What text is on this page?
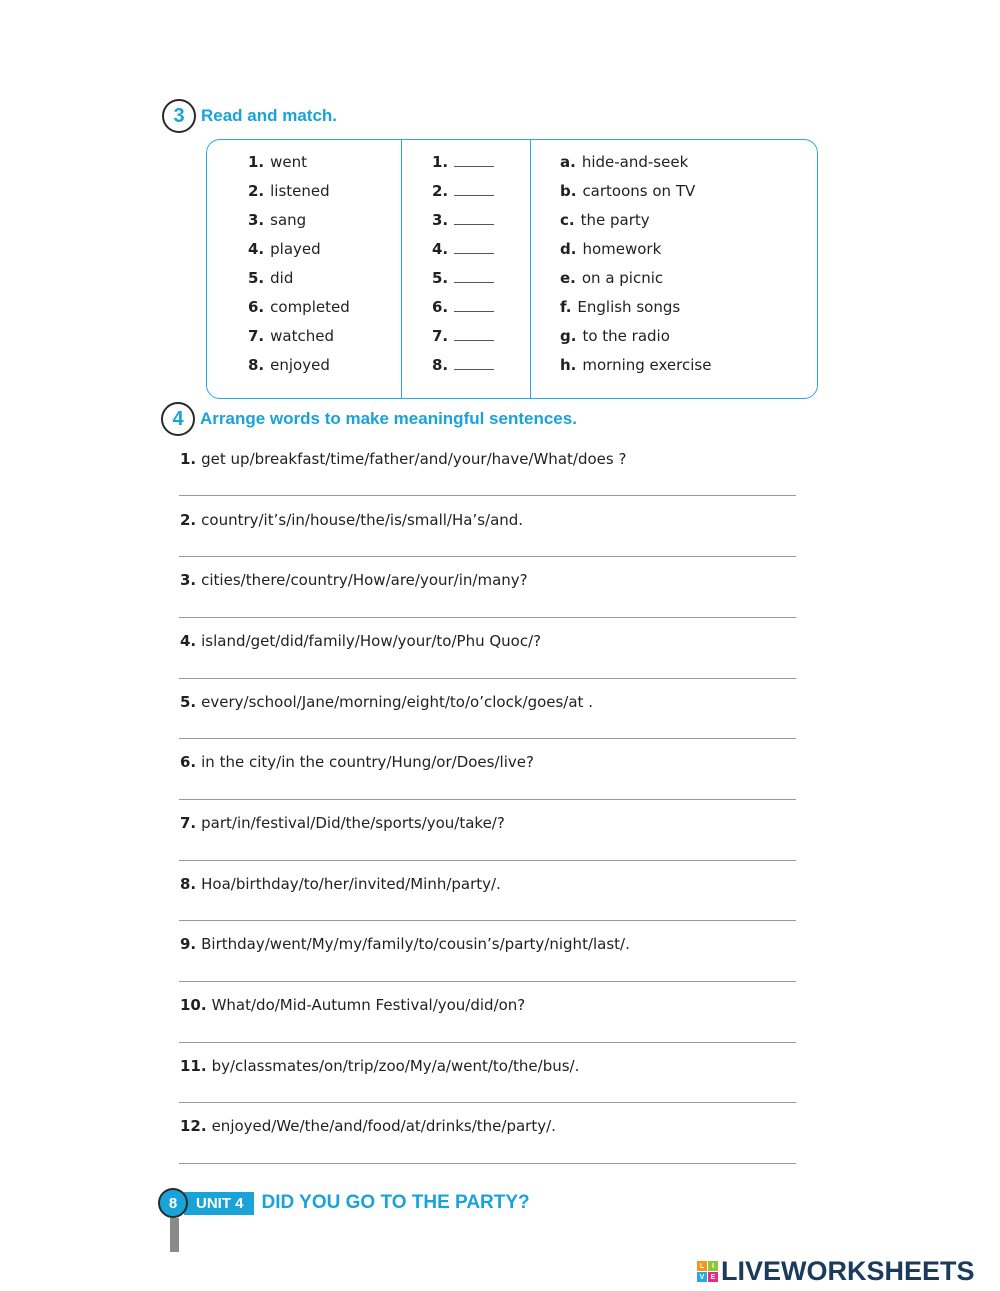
3 Read and match.
1. went
2. listened
3. sang
4. played
5. did
6. completed
7. watched
8. enjoyed
1.
2.
3.
4.
5.
6.
7.
8.
a. hide-and-seek
b. cartoons on TV
c. the party
d. homework
e. on a picnic
f. English songs
g. to the radio
h. morning exercise
4 Arrange words to make meaningful sentences.
1. get up/breakfast/time/father/and/your/have/What/does ?
2. country/it’s/in/house/the/is/small/Ha’s/and.
3. cities/there/country/How/are/your/in/many?
4. island/get/did/family/How/your/to/Phu Quoc/?
5. every/school/Jane/morning/eight/to/o’clock/goes/at .
6. in the city/in the country/Hung/or/Does/live?
7. part/in/festival/Did/the/sports/you/take/?
8. Hoa/birthday/to/her/invited/Minh/party/.
9. Birthday/went/My/my/family/to/cousin’s/party/night/last/.
10. What/do/Mid-Autumn Festival/you/did/on?
11. by/classmates/on/trip/zoo/My/a/went/to/the/bus/.
12. enjoyed/We/the/and/food/at/drinks/the/party/.
8	UNIT 4 DID YOU GO TO THE PARTY?
L	I
V E LIVEWORKSHEETS
